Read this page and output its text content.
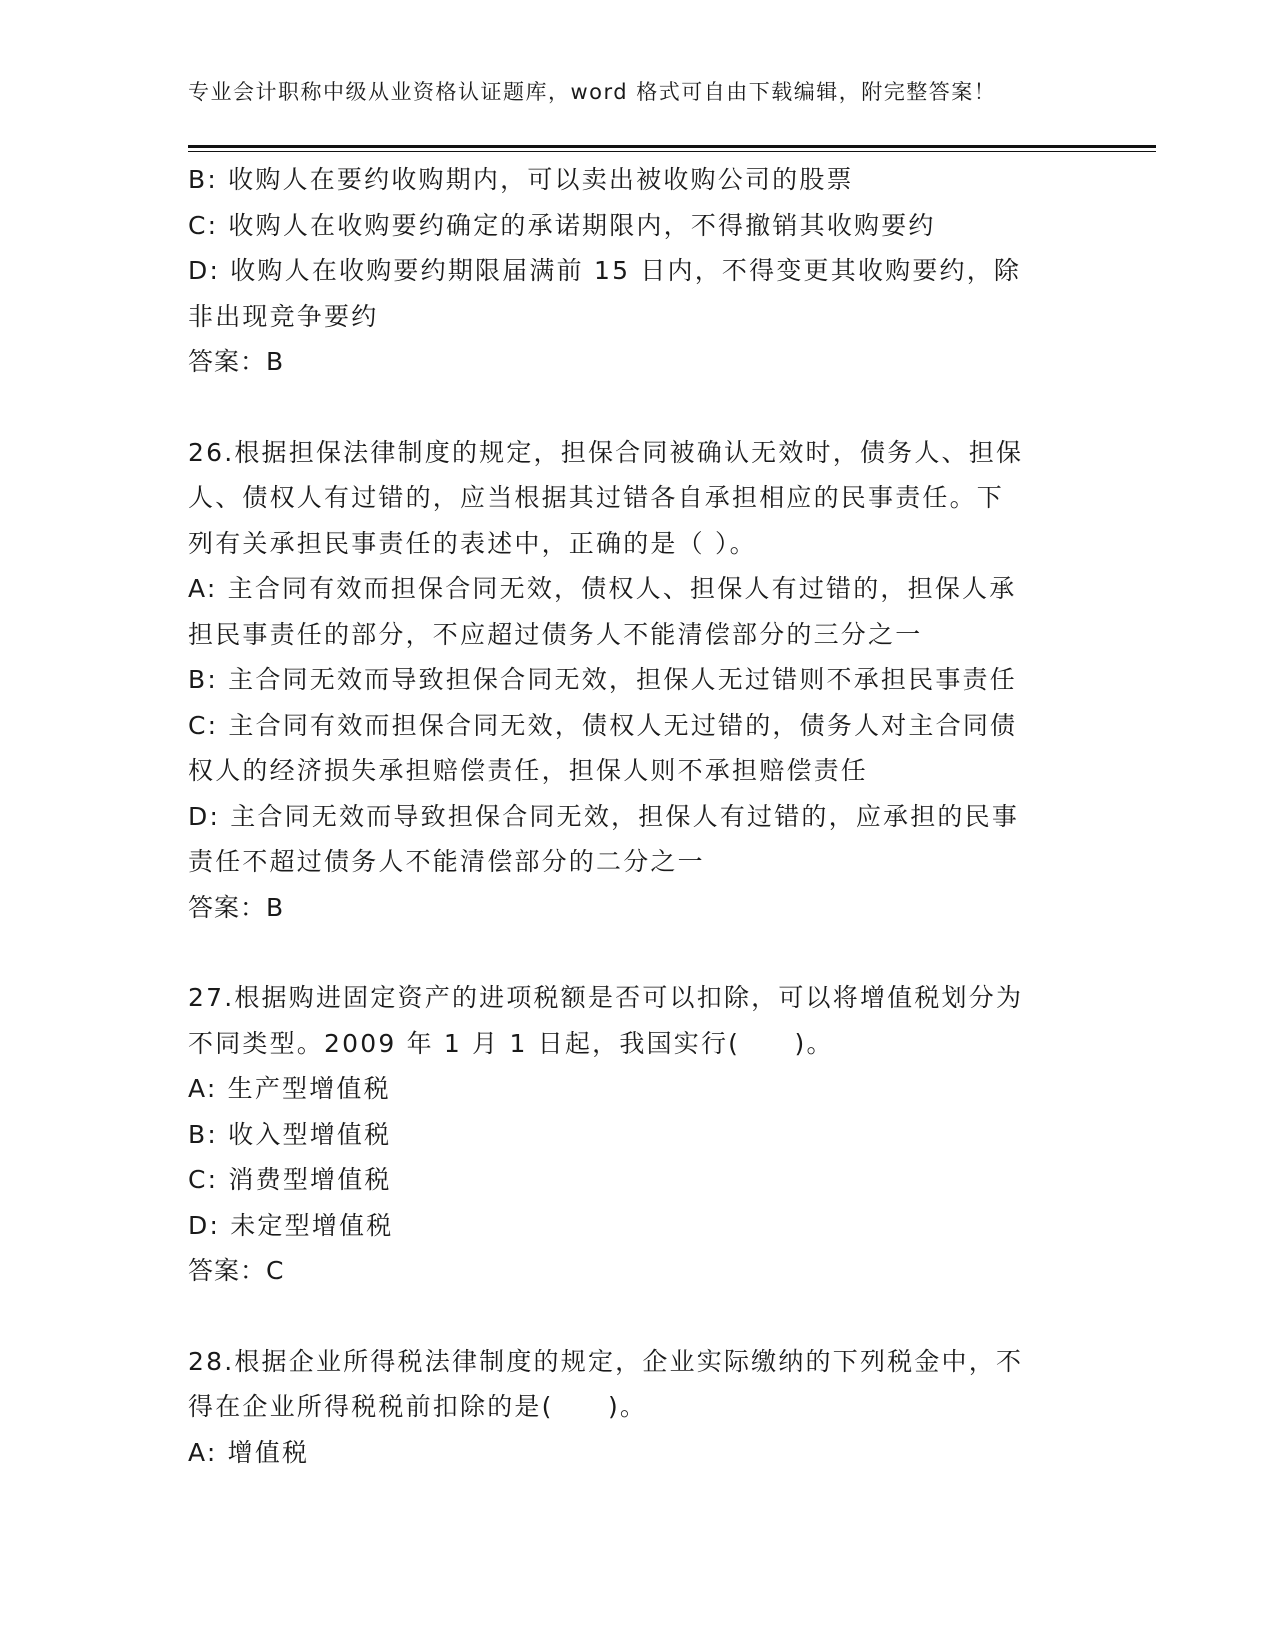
专业会计职称中级从业资格认证题库，word 格式可自由下载编辑，附完整答案！

B: 收购人在要约收购期内，可以卖出被收购公司的股票

C: 收购人在收购要约确定的承诺期限内，不得撤销其收购要约

D: 收购人在收购要约期限届满前 15 日内，不得变更其收购要约，除

非出现竞争要约

答案：B

26.根据担保法律制度的规定，担保合同被确认无效时，债务人、担保

人、债权人有过错的，应当根据其过错各自承担相应的民事责任。下

列有关承担民事责任的表述中，正确的是（ ）。

A: 主合同有效而担保合同无效，债权人、担保人有过错的，担保人承

担民事责任的部分，不应超过债务人不能清偿部分的三分之一

B: 主合同无效而导致担保合同无效，担保人无过错则不承担民事责任

C: 主合同有效而担保合同无效，债权人无过错的，债务人对主合同债

权人的经济损失承担赔偿责任，担保人则不承担赔偿责任

D: 主合同无效而导致担保合同无效，担保人有过错的，应承担的民事

责任不超过债务人不能清偿部分的二分之一

答案：B

27.根据购进固定资产的进项税额是否可以扣除，可以将增值税划分为

不同类型。2009 年 1 月 1 日起，我国实行(　　)。

A: 生产型增值税

B: 收入型增值税

C: 消费型增值税

D: 未定型增值税

答案：C

28.根据企业所得税法律制度的规定，企业实际缴纳的下列税金中，不

得在企业所得税税前扣除的是(　　)。

A: 增值税
